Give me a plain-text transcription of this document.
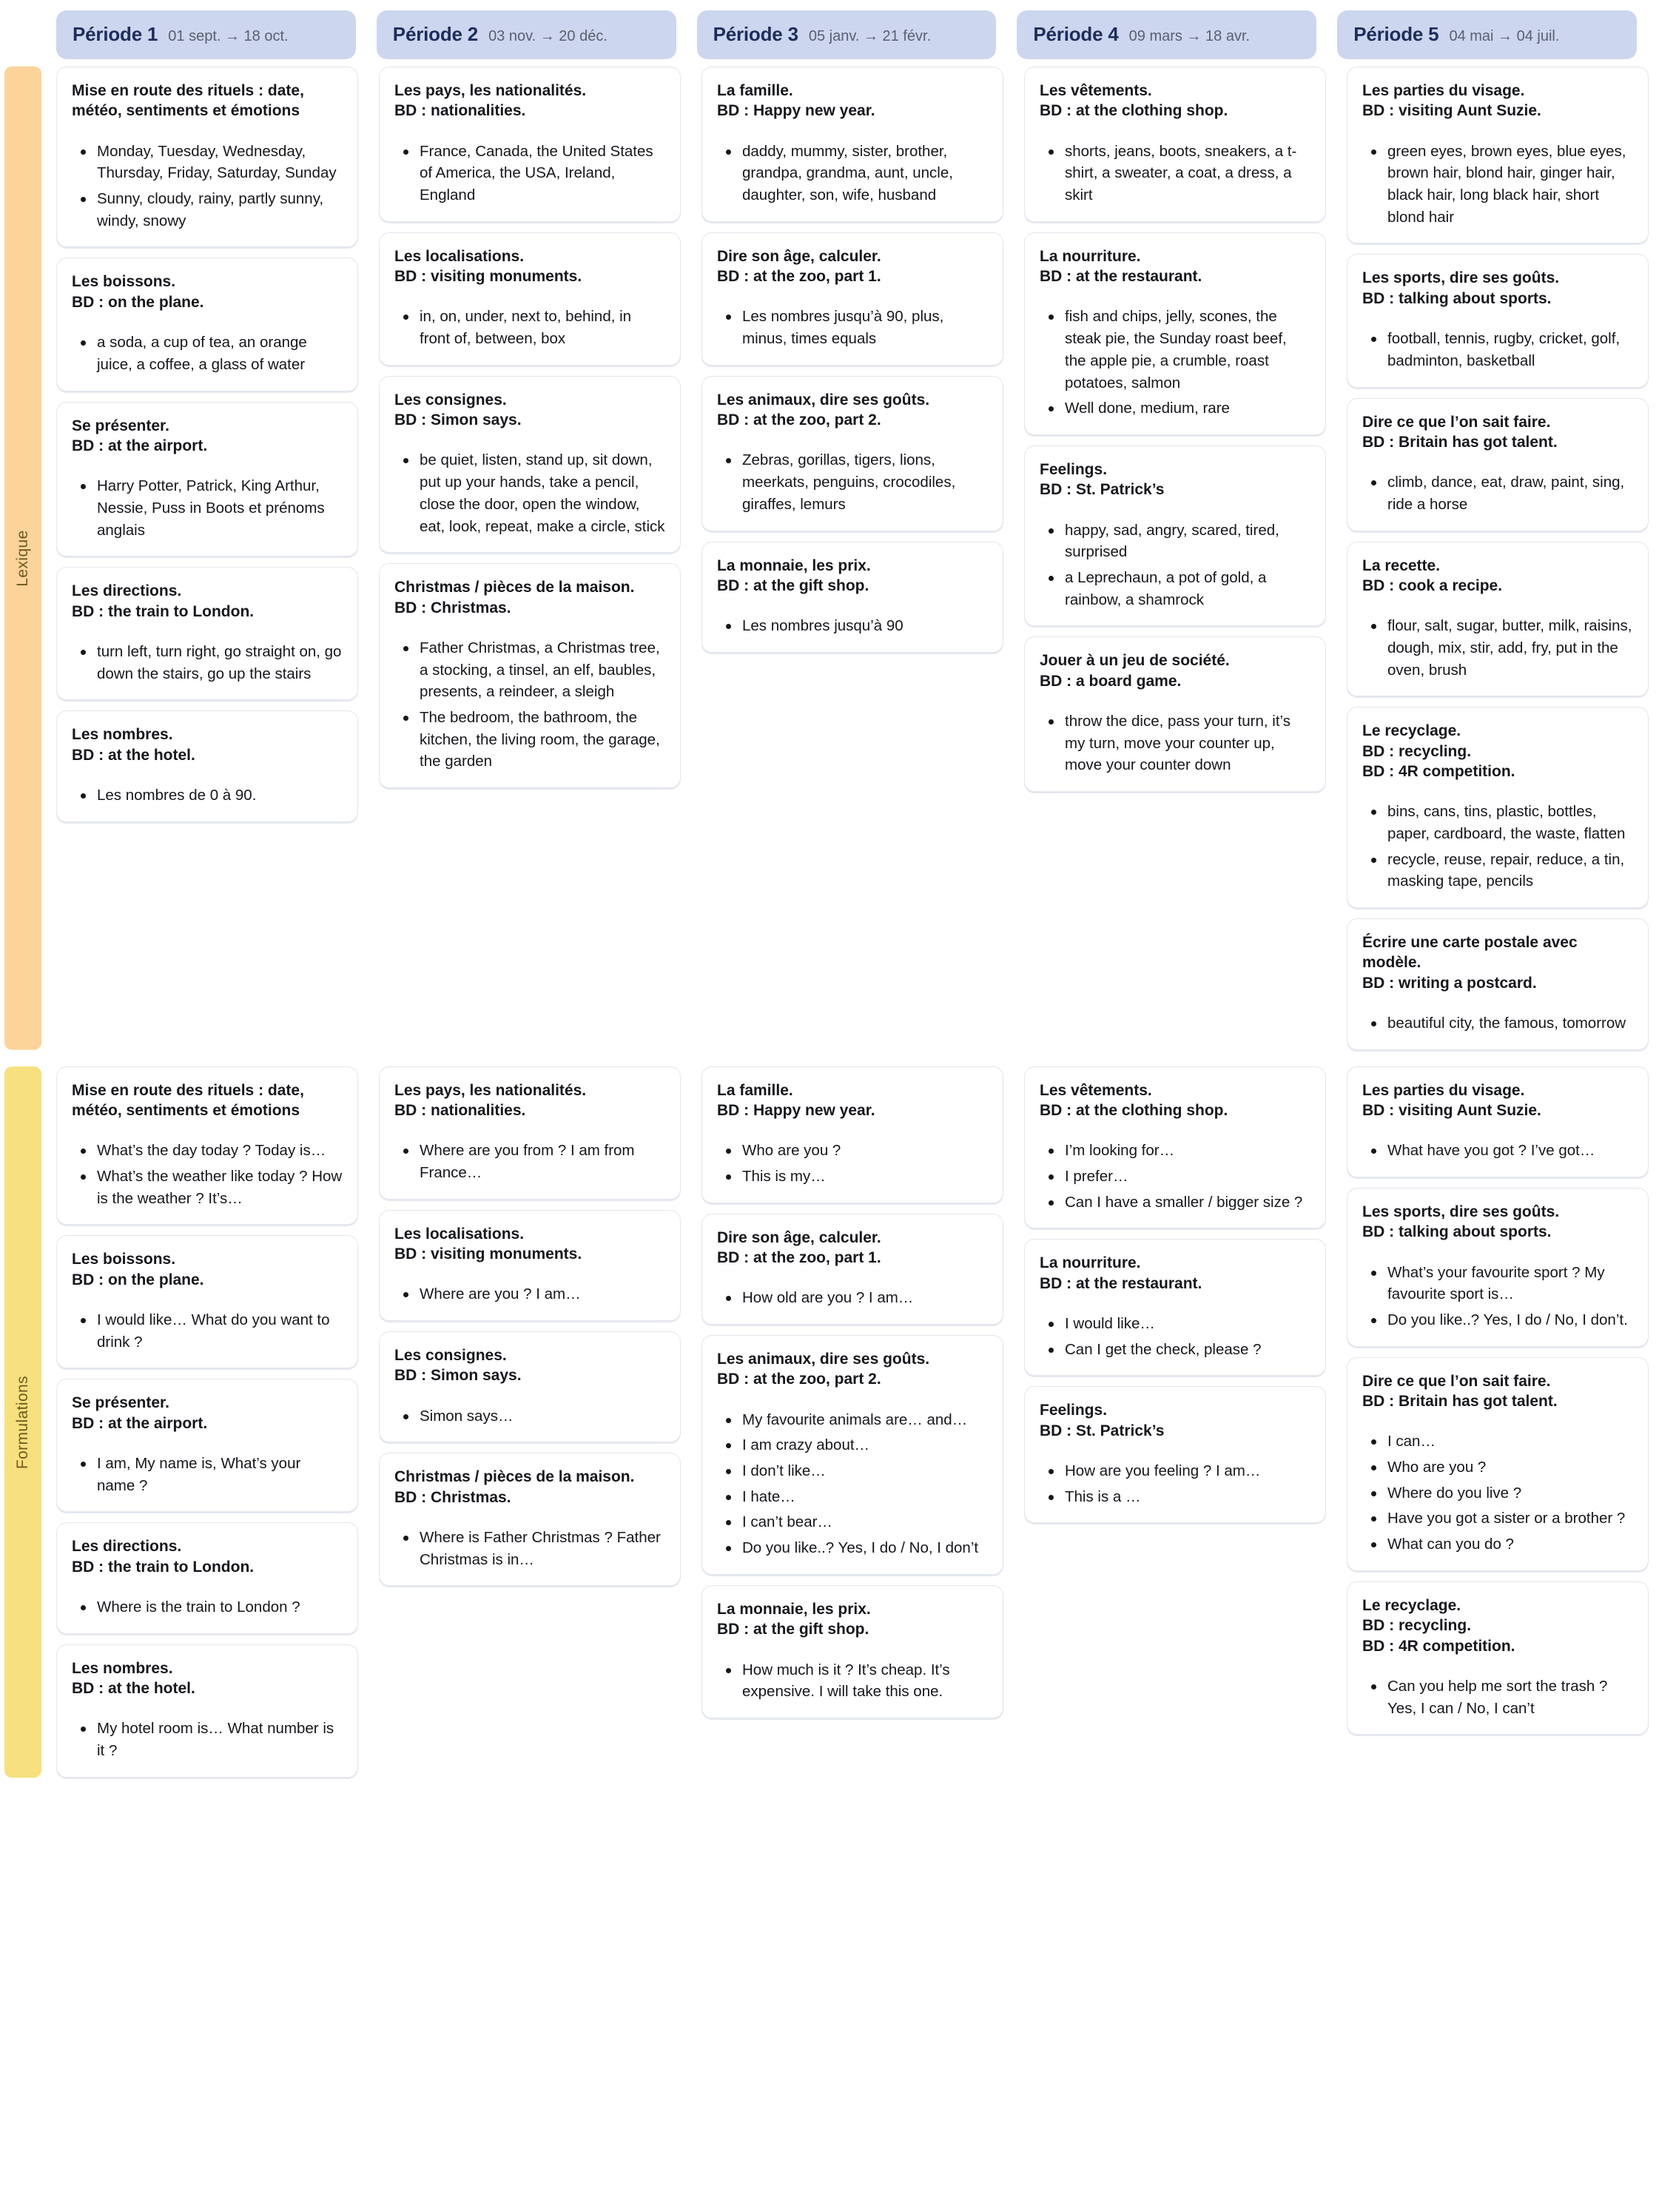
Période 1 01 sept. → 18 oct.	Période 2 03 nov. → 20 déc.	Période 3 05 janv. → 21 févr.	Période 4 09 mars → 18 avr.	Période 5 04 mai → 04 juil.
Lexique
Mise en route des rituels : date, météo, sentiments et émotions
Monday, Tuesday, Wednesday, Thursday, Friday, Saturday, Sunday
Sunny, cloudy, rainy, partly sunny, windy, snowy
Les boissons.
BD : on the plane.
a soda, a cup of tea, an orange juice, a coffee, a glass of water
Se présenter.
BD : at the airport.
Harry Potter, Patrick, King Arthur, Nessie, Puss in Boots et prénoms anglais
Les directions.
BD : the train to London.
turn left, turn right, go straight on, go down the stairs, go up the stairs
Les nombres.
BD : at the hotel.
Les nombres de 0 à 90.
Les pays, les nationalités.
BD : nationalities.
France, Canada, the United States of America, the USA, Ireland, England
Les localisations.
BD : visiting monuments.
in, on, under, next to, behind, in front of, between, box
Les consignes.
BD : Simon says.
be quiet, listen, stand up, sit down, put up your hands, take a pencil, close the door, open the window, eat, look, repeat, make a circle, stick
Christmas / pièces de la maison.
BD : Christmas.
Father Christmas, a Christmas tree, a stocking, a tinsel, an elf, baubles, presents, a reindeer, a sleigh
The bedroom, the bathroom, the kitchen, the living room, the garage, the garden
La famille.
BD : Happy new year.
daddy, mummy, sister, brother, grandpa, grandma, aunt, uncle, daughter, son, wife, husband
Dire son âge, calculer.
BD : at the zoo, part 1.
Les nombres jusqu’à 90, plus, minus, times equals
Les animaux, dire ses goûts.
BD : at the zoo, part 2.
Zebras, gorillas, tigers, lions, meerkats, penguins, crocodiles, giraffes, lemurs
La monnaie, les prix.
BD : at the gift shop.
Les nombres jusqu’à 90
Les vêtements.
BD : at the clothing shop.
shorts, jeans, boots, sneakers, a t-shirt, a sweater, a coat, a dress, a skirt
La nourriture.
BD : at the restaurant.
fish and chips, jelly, scones, the steak pie, the Sunday roast beef, the apple pie, a crumble, roast potatoes, salmon
Well done, medium, rare
Feelings.
BD : St. Patrick’s
happy, sad, angry, scared, tired, surprised
a Leprechaun, a pot of gold, a rainbow, a shamrock
Jouer à un jeu de société.
BD : a board game.
throw the dice, pass your turn, it’s my turn, move your counter up, move your counter down
Les parties du visage.
BD : visiting Aunt Suzie.
green eyes, brown eyes, blue eyes, brown hair, blond hair, ginger hair, black hair, long black hair, short blond hair
Les sports, dire ses goûts.
BD : talking about sports.
football, tennis, rugby, cricket, golf, badminton, basketball
Dire ce que l’on sait faire.
BD : Britain has got talent.
climb, dance, eat, draw, paint, sing, ride a horse
La recette.
BD : cook a recipe.
flour, salt, sugar, butter, milk, raisins, dough, mix, stir, add, fry, put in the oven, brush
Le recyclage.
BD : recycling.
BD : 4R competition.
bins, cans, tins, plastic, bottles, paper, cardboard, the waste, flatten
recycle, reuse, repair, reduce, a tin, masking tape, pencils
Écrire une carte postale avec modèle.
BD : writing a postcard.
beautiful city, the famous, tomorrow
Formulations
Mise en route des rituels : date, météo, sentiments et émotions
What’s the day today ? Today is…
What’s the weather like today ? How is the weather ? It’s…
Les boissons.
BD : on the plane.
I would like… What do you want to drink ?
Se présenter.
BD : at the airport.
I am, My name is, What’s your name ?
Les directions.
BD : the train to London.
Where is the train to London ?
Les nombres.
BD : at the hotel.
My hotel room is… What number is it ?
Les pays, les nationalités.
BD : nationalities.
Where are you from ? I am from France…
Les localisations.
BD : visiting monuments.
Where are you ? I am…
Les consignes.
BD : Simon says.
Simon says…
Christmas / pièces de la maison.
BD : Christmas.
Where is Father Christmas ? Father Christmas is in…
La famille.
BD : Happy new year.
Who are you ?
This is my…
Dire son âge, calculer.
BD : at the zoo, part 1.
How old are you ? I am…
Les animaux, dire ses goûts.
BD : at the zoo, part 2.
My favourite animals are… and…
I am crazy about…
I don’t like…
I hate…
I can’t bear…
Do you like..? Yes, I do / No, I don’t
La monnaie, les prix.
BD : at the gift shop.
How much is it ? It’s cheap. It’s expensive. I will take this one.
Les vêtements.
BD : at the clothing shop.
I’m looking for…
I prefer…
Can I have a smaller / bigger size ?
La nourriture.
BD : at the restaurant.
I would like…
Can I get the check, please ?
Feelings.
BD : St. Patrick’s
How are you feeling ? I am…
This is a …
Les parties du visage.
BD : visiting Aunt Suzie.
What have you got ? I’ve got…
Les sports, dire ses goûts.
BD : talking about sports.
What’s your favourite sport ? My favourite sport is…
Do you like..? Yes, I do / No, I don’t.
Dire ce que l’on sait faire.
BD : Britain has got talent.
I can…
Who are you ?
Where do you live ?
Have you got a sister or a brother ?
What can you do ?
Le recyclage.
BD : recycling.
BD : 4R competition.
Can you help me sort the trash ? Yes, I can / No, I can’t
